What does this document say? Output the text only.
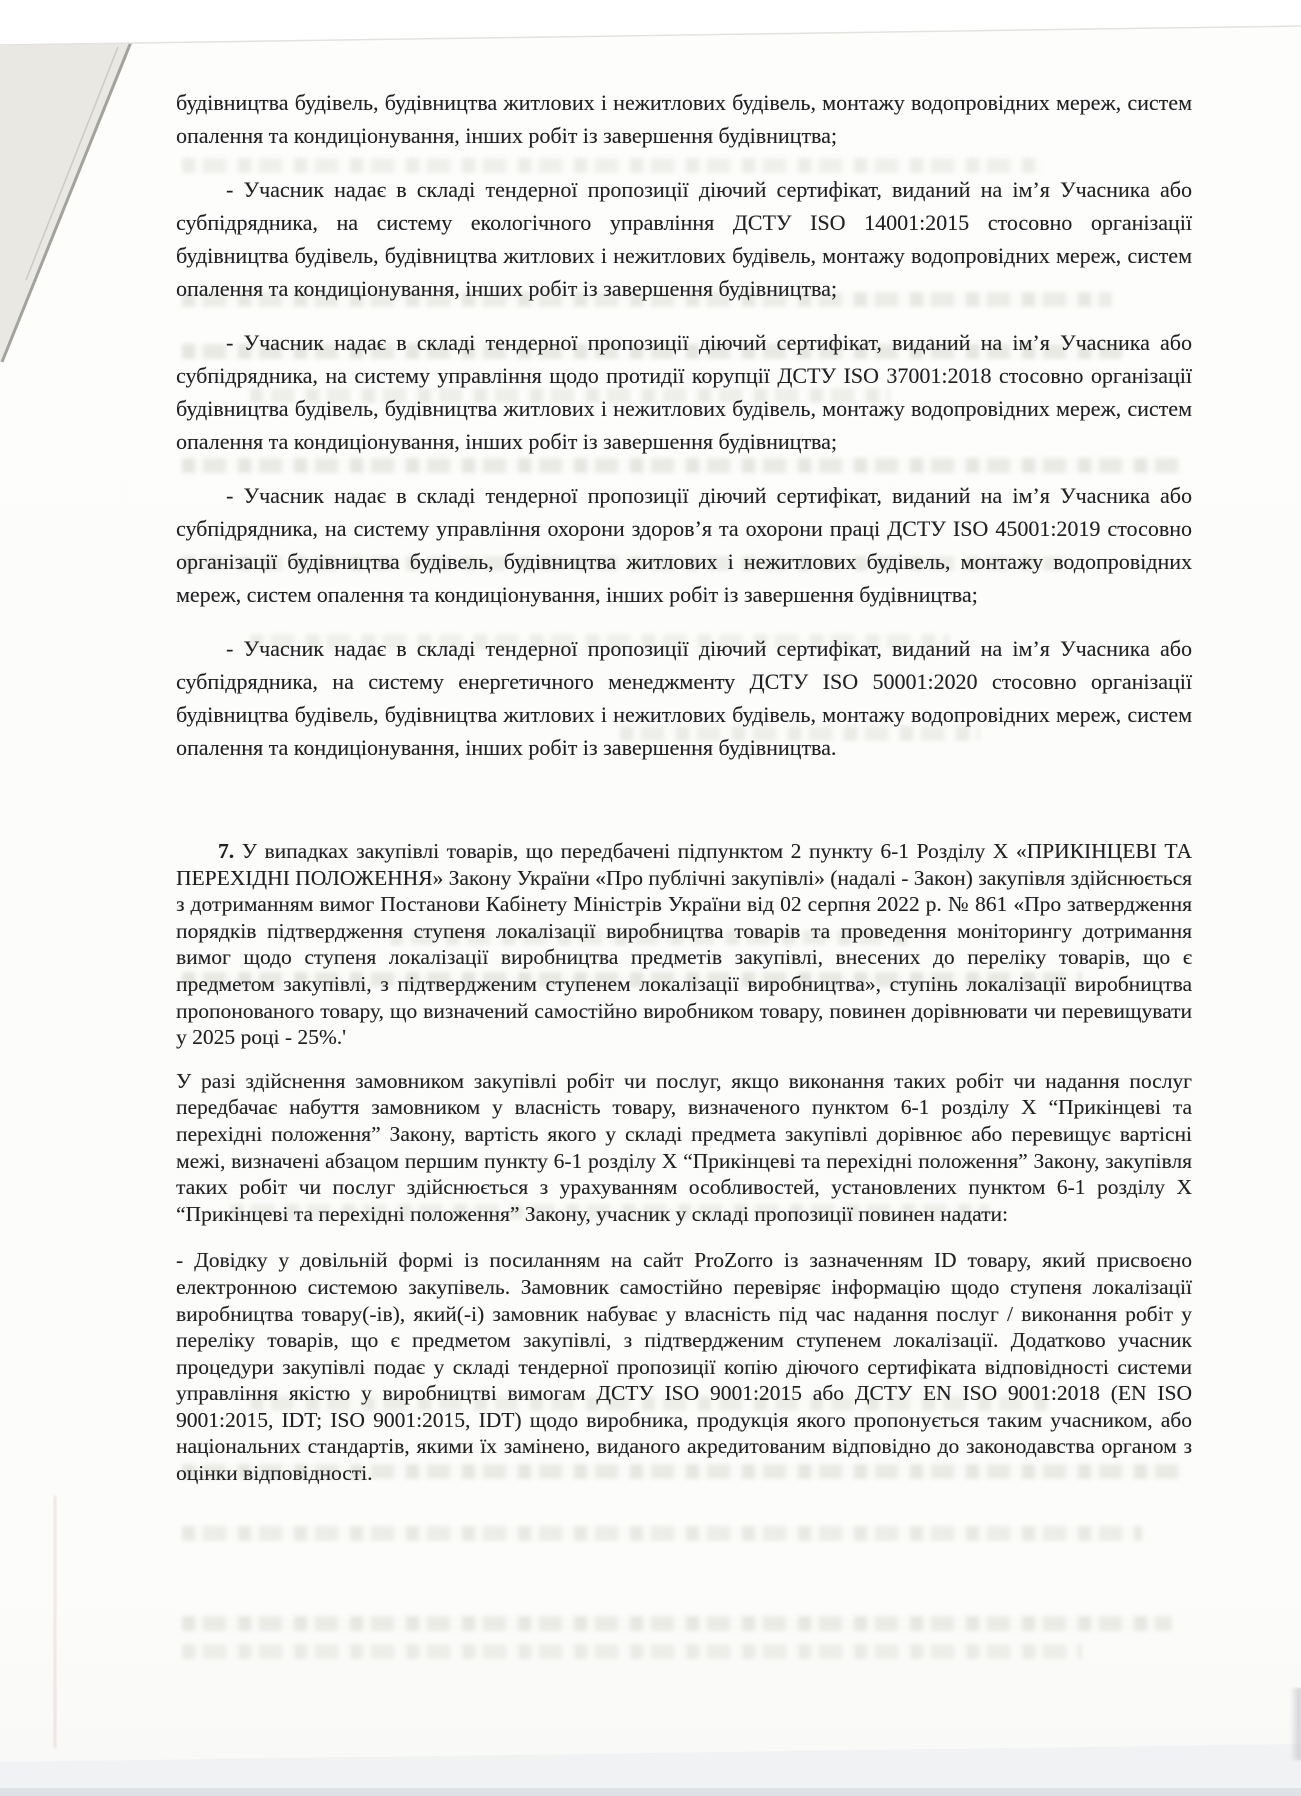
будівництва будівель, будівництва житлових і нежитлових будівель, монтажу водопровідних мереж, систем опалення та кондиціонування, інших робіт із завершення будівництва;

- Учасник надає в складі тендерної пропозиції діючий сертифікат, виданий на ім’я Учасника або субпідрядника, на систему екологічного управління ДСТУ ISO 14001:2015 стосовно організації будівництва будівель, будівництва житлових і нежитлових будівель, монтажу водопровідних мереж, систем опалення та кондиціонування, інших робіт із завершення будівництва;

- Учасник надає в складі тендерної пропозиції діючий сертифікат, виданий на ім’я Учасника або субпідрядника, на систему управління щодо протидії корупції ДСТУ ISO 37001:2018 стосовно організації будівництва будівель, будівництва житлових і нежитлових будівель, монтажу водопровідних мереж, систем опалення та кондиціонування, інших робіт із завершення будівництва;

- Учасник надає в складі тендерної пропозиції діючий сертифікат, виданий на ім’я Учасника або субпідрядника, на систему управління охорони здоров’я та охорони праці ДСТУ ISO 45001:2019 стосовно організації будівництва будівель, будівництва житлових і нежитлових будівель, монтажу водопровідних мереж, систем опалення та кондиціонування, інших робіт із завершення будівництва;

- Учасник надає в складі тендерної пропозиції діючий сертифікат, виданий на ім’я Учасника або субпідрядника, на систему енергетичного менеджменту ДСТУ ISO 50001:2020 стосовно організації будівництва будівель, будівництва житлових і нежитлових будівель, монтажу водопровідних мереж, систем опалення та кондиціонування, інших робіт із завершення будівництва.

7. У випадках закупівлі товарів, що передбачені підпунктом 2 пункту 6-1 Розділу X «ПРИКІНЦЕВІ ТА ПЕРЕХІДНІ ПОЛОЖЕННЯ» Закону України «Про публічні закупівлі» (надалі - Закон) закупівля здійснюється з дотриманням вимог Постанови Кабінету Міністрів України від 02 серпня 2022 р. № 861 «Про затвердження порядків підтвердження ступеня локалізації виробництва товарів та проведення моніторингу дотримання вимог щодо ступеня локалізації виробництва предметів закупівлі, внесених до переліку товарів, що є предметом закупівлі, з підтвердженим ступенем локалізації виробництва», ступінь локалізації виробництва пропонованого товару, що визначений самостійно виробником товару, повинен дорівнювати чи перевищувати у 2025 році - 25%.'

У разі здійснення замовником закупівлі робіт чи послуг, якщо виконання таких робіт чи надання послуг передбачає набуття замовником у власність товару, визначеного пунктом 6-1 розділу X “Прикінцеві та перехідні положення” Закону, вартість якого у складі предмета закупівлі дорівнює або перевищує вартісні межі, визначені абзацом першим пункту 6-1 розділу X “Прикінцеві та перехідні положення” Закону, закупівля таких робіт чи послуг здійснюється з урахуванням особливостей, установлених пунктом 6-1 розділу X “Прикінцеві та перехідні положення” Закону, учасник у складі пропозиції повинен надати:

- Довідку у довільній формі із посиланням на сайт ProZorro із зазначенням ID товару, який присвоєно електронною системою закупівель. Замовник самостійно перевіряє інформацію щодо ступеня локалізації виробництва товару(-ів), який(-і) замовник набуває у власність під час надання послуг / виконання робіт у переліку товарів, що є предметом закупівлі, з підтвердженим ступенем локалізації. Додатково учасник процедури закупівлі подає у складі тендерної пропозиції копію діючого сертифіката відповідності системи управління якістю у виробництві вимогам ДСТУ ISO 9001:2015 або ДСТУ EN ISO 9001:2018 (EN ISO 9001:2015, IDT; ISO 9001:2015, IDT) щодо виробника, продукція якого пропонується таким учасником, або національних стандартів, якими їх замінено, виданого акредитованим відповідно до законодавства органом з оцінки відповідності.
